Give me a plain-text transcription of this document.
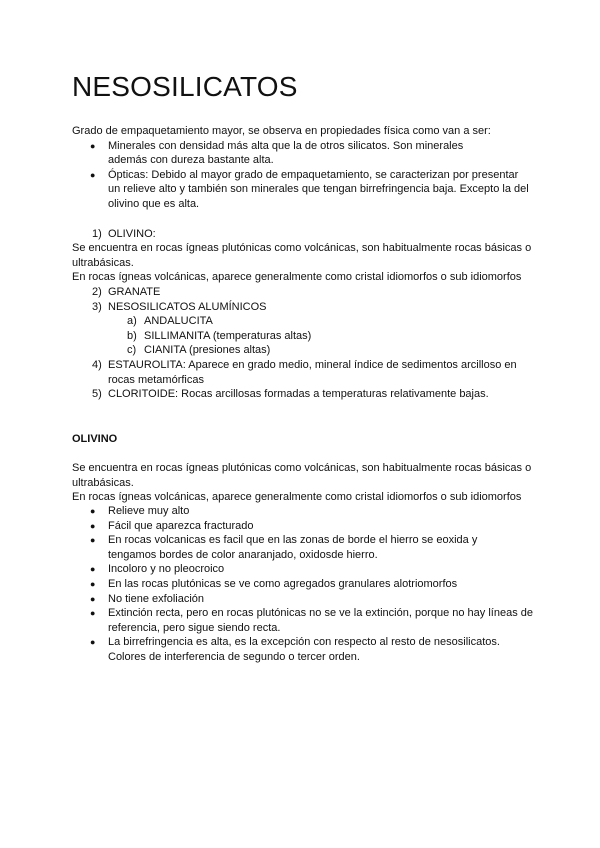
NESOSILICATOS
Grado de empaquetamiento mayor, se observa en propiedades física como van a ser:
● Minerales con densidad más alta que la de otros silicatos. Son minerales además con dureza bastante alta.
● Ópticas: Debido al mayor grado de empaquetamiento, se caracterizan por presentar un relieve alto y también son minerales que tengan birrefringencia baja. Excepto la del olivino que es alta.
1) OLIVINO:
Se encuentra en rocas ígneas plutónicas como volcánicas, son habitualmente rocas básicas o ultrabásicas.
En rocas ígneas volcánicas, aparece generalmente como cristal idiomorfos o sub idiomorfos
2) GRANATE
3) NESOSILICATOS ALUMÍNICOS
a) ANDALUCITA
b) SILLIMANITA (temperaturas altas)
c) CIANITA (presiones altas)
4) ESTAUROLITA: Aparece en grado medio, mineral índice de sedimentos arcilloso en rocas metamórficas
5) CLORITOIDE: Rocas arcillosas formadas a temperaturas relativamente bajas.
OLIVINO
Se encuentra en rocas ígneas plutónicas como volcánicas, son habitualmente rocas básicas o ultrabásicas.
En rocas ígneas volcánicas, aparece generalmente como cristal idiomorfos o sub idiomorfos
● Relieve muy alto
● Fácil que aparezca fracturado
● En rocas volcanicas es facil que en las zonas de borde el hierro se eoxida y tengamos bordes de color anaranjado, oxidosde hierro.
● Incoloro y no pleocroico
● En las rocas plutónicas se ve como agregados granulares alotriomorfos
● No tiene exfoliación
● Extinción recta, pero en rocas plutónicas no se ve la extinción, porque no hay líneas de referencia, pero sigue siendo recta.
● La birrefringencia es alta, es la excepción con respecto al resto de nesosilicatos. Colores de interferencia de segundo o tercer orden.
